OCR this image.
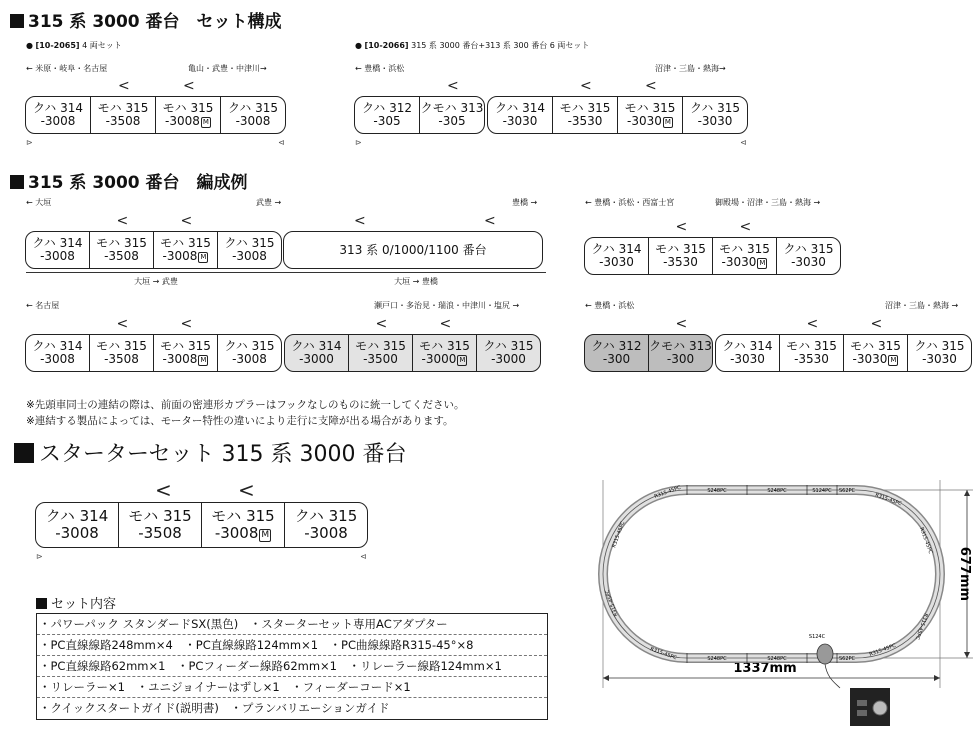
315 系 3000 番台　セット構成
● [10-2065] 4 両セット
← 米原・岐阜・名古屋	亀山・武豊・中津川→
クハ 314
-3008
モハ 315
-3508
<
モハ 315
-3008 M
<
クハ 315
-3008
⊳	⊲
● [10-2066] 315 系 3000 番台+313 系 300 番台 6 両セット
← 豊橋・浜松	沼津・三島・熱海→
クハ 312
-305
クモハ 313
-305
<
クハ 314
-3030
モハ 315
-3530
<
モハ 315
-3030 M
<
クハ 315
-3030
⊳	⊲
315 系 3000 番台　編成例
← 大垣	武豊 →	豊橋 →
クハ 314
-3008
モハ 315
-3508
<
モハ 315
-3008 M
<
クハ 315
-3008	313 系 0/1000/1100 番台
<	<
大垣 → 武豊	大垣 → 豊橋
← 豊橋・浜松・西富士宮	御殿場・沼津・三島・熱海 →
クハ 314
-3030
モハ 315
-3530
<
モハ 315
-3030 M
<
クハ 315
-3030
← 名古屋	瀬戸口・多治見・瑞浪・中津川・塩尻 →
クハ 314
-3008
モハ 315
-3508
<
モハ 315
-3008 M
<
クハ 315
-3008
クハ 314
-3000
モハ 315
-3500
<
モハ 315
-3000 M
<
クハ 315
-3000
← 豊橋・浜松	沼津・三島・熱海 →
クハ 312
-300
クモハ 313
-300
<
クハ 314
-3030
モハ 315
-3530
<
モハ 315
-3030 M
<
クハ 315
-3030
※先頭車同士の連結の際は、前面の密連形カプラーはフックなしのものに統一してください。
※連結する製品によっては、モーター特性の違いにより走行に支障が出る場合があります。
スターターセット 315 系 3000 番台
クハ 314
-3008
モハ 315
-3508
<
モハ 315
-3008 M
<
クハ 315
-3008
⊳	⊲
セット内容
・パワーパック スタンダードSX(黒色)　・スターターセット専用ACアダプター
・PC直線線路248mm×4　・PC直線線路124mm×1　・PC曲線線路R315-45°×8
・PC直線線路62mm×1　・PCフィーダー線路62mm×1　・リレーラー線路124mm×1
・リレーラー×1　・ユニジョイナーはずし×1　・フィーダーコード×1
・クイックスタートガイド(説明書)　・プランバリエーションガイド
1337mm
677mm
S248PC	S248PC	S124PC S62PC
S248PC	S248PC	S62PC
R315-45PC	R315-45PC
R315-45PC	R315-45PC
R315-45PC
R315-45PC
R315-45PC	R315-45PC
S124C
